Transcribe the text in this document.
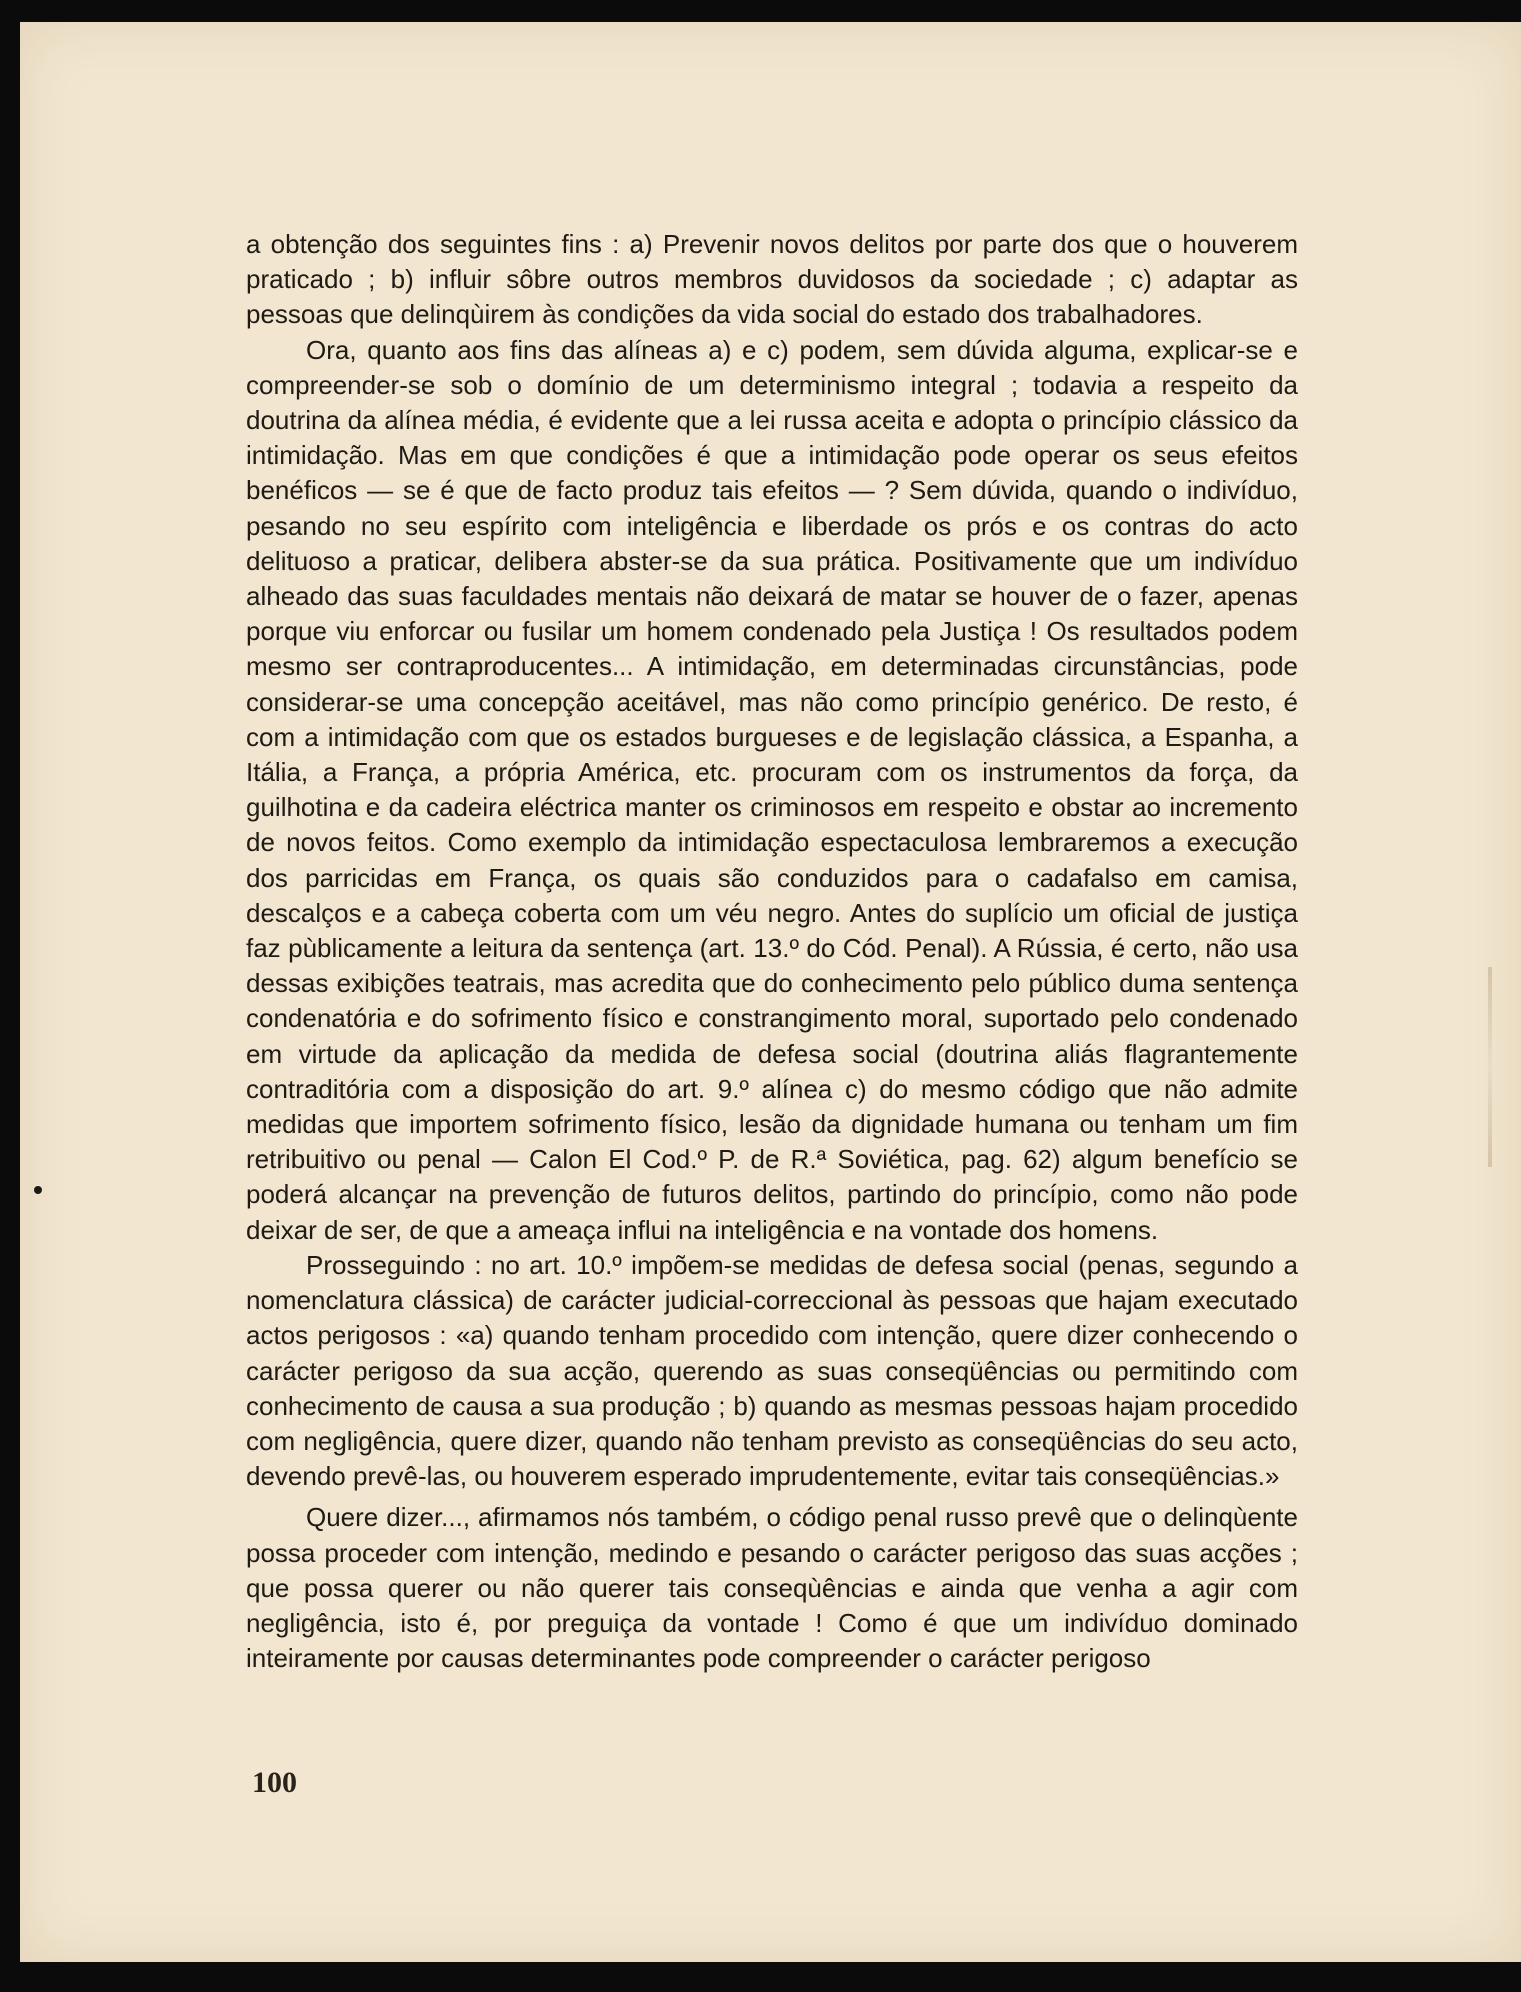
a obtenção dos seguintes fins : a) Prevenir novos delitos por parte dos que o houverem praticado ; b) influir sôbre outros membros duvidosos da sociedade ; c) adaptar as pessoas que delinqùirem às condições da vida social do estado dos trabalhadores.

Ora, quanto aos fins das alíneas a) e c) podem, sem dúvida alguma, explicar-se e compreender-se sob o domínio de um determinismo integral ; todavia a respeito da doutrina da alínea média, é evidente que a lei russa aceita e adopta o princípio clássico da intimidação. Mas em que condições é que a intimidação pode operar os seus efeitos benéficos — se é que de facto produz tais efeitos — ? Sem dúvida, quando o indivíduo, pesando no seu espírito com inteligência e liberdade os prós e os contras do acto delituoso a praticar, delibera abster-se da sua prática. Positivamente que um indivíduo alheado das suas faculdades mentais não deixará de matar se houver de o fazer, apenas porque viu enforcar ou fusilar um homem condenado pela Justiça ! Os resultados podem mesmo ser contraproducentes... A intimidação, em determinadas circunstâncias, pode considerar-se uma concepção aceitável, mas não como princípio genérico. De resto, é com a intimidação com que os estados burgueses e de legislação clássica, a Espanha, a Itália, a França, a própria América, etc. procuram com os instrumentos da força, da guilhotina e da cadeira eléctrica manter os criminosos em respeito e obstar ao incremento de novos feitos. Como exemplo da intimidação espectaculosa lembraremos a execução dos parricidas em França, os quais são conduzidos para o cadafalso em camisa, descalços e a cabeça coberta com um véu negro. Antes do suplício um oficial de justiça faz pùblicamente a leitura da sentença (art. 13.º do Cód. Penal). A Rússia, é certo, não usa dessas exibições teatrais, mas acredita que do conhecimento pelo público duma sentença condenatória e do sofrimento físico e constrangimento moral, suportado pelo condenado em virtude da aplicação da medida de defesa social (doutrina aliás flagrantemente contraditória com a disposição do art. 9.º alínea c) do mesmo código que não admite medidas que importem sofrimento físico, lesão da dignidade humana ou tenham um fim retribuitivo ou penal — Calon El Cod.º P. de R.ª Soviética, pag. 62) algum benefício se poderá alcançar na prevenção de futuros delitos, partindo do princípio, como não pode deixar de ser, de que a ameaça influi na inteligência e na vontade dos homens.

Prosseguindo : no art. 10.º impõem-se medidas de defesa social (penas, segundo a nomenclatura clássica) de carácter judicial-correccional às pessoas que hajam executado actos perigosos : «a) quando tenham procedido com intenção, quere dizer conhecendo o carácter perigoso da sua acção, querendo as suas conseqüências ou permitindo com conhecimento de causa a sua produção ; b) quando as mesmas pessoas hajam procedido com negligência, quere dizer, quando não tenham previsto as conseqüências do seu acto, devendo prevê-las, ou houverem esperado imprudentemente, evitar tais conseqüências.»

Quere dizer..., afirmamos nós também, o código penal russo prevê que o delinqùente possa proceder com intenção, medindo e pesando o carácter perigoso das suas acções ; que possa querer ou não querer tais conseqùências e ainda que venha a agir com negligência, isto é, por preguiça da vontade ! Como é que um indivíduo dominado inteiramente por causas determinantes pode compreender o carácter perigoso

100
